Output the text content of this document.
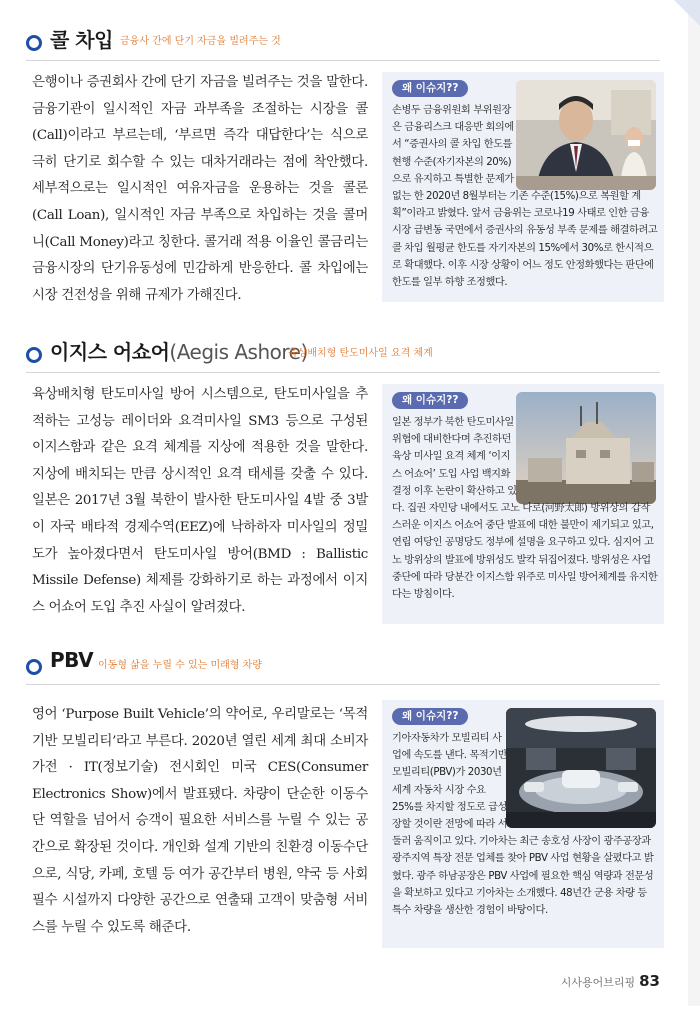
콜 차입 금융사 간에 단기 자금을 빌려주는 것
은행이나 증권회사 간에 단기 자금을 빌려주는 것을 말한다. 금융기관이 일시적인 자금 과부족을 조절하는 시장을 콜(Call)이라고 부르는데, ‘부르면 즉각 대답한다’는 식으로 극히 단기로 회수할 수 있는 대차거래라는 점에 착안했다. 세부적으로는 일시적인 여유자금을 운용하는 것을 콜론(Call Loan), 일시적인 자금 부족으로 차입하는 것을 콜머니(Call Money)라고 칭한다. 콜거래 적용 이율인 콜금리는 금융시장의 단기유동성에 민감하게 반응한다. 콜 차입에는 시장 건전성을 위해 규제가 가해진다.
왜 이슈지??
손병두 금융위원회 부위원장은 금융리스크 대응반 회의에서 “증권사의 콜 차입 한도를 현행 수준(자기자본의 20%)으로 유지하고 특별한 문제가 없는 한 2020년 8월부터는 기존 수준(15%)으로 복원할 계획”이라고 밝혔다. 앞서 금융위는 코로나19 사태로 인한 금융시장 급변동 국면에서 증권사의 유동성 부족 문제를 해결하려고 콜 차입 월평균 한도를 자기자본의 15%에서 30%로 한시적으로 확대했다. 이후 시장 상황이 어느 정도 안정화했다는 판단에 한도를 일부 하향 조정했다.
이지스 어쇼어(Aegis Ashore)
육상배치형 탄도미사일 요격 체계
육상배치형 탄도미사일 방어 시스템으로, 탄도미사일을 추적하는 고성능 레이더와 요격미사일 SM3 등으로 구성된 이지스함과 같은 요격 체계를 지상에 적용한 것을 말한다. 지상에 배치되는 만큼 상시적인 요격 태세를 갖출 수 있다. 일본은 2017년 3월 북한이 발사한 탄도미사일 4발 중 3발이 자국 배타적 경제수역(EEZ)에 낙하하자 미사일의 정밀도가 높아졌다면서 탄도미사일 방어(BMD : Ballistic Missile Defense) 체제를 강화하기로 하는 과정에서 이지스 어쇼어 도입 추진 사실이 알려졌다.
왜 이슈지??
일본 정부가 북한 탄도미사일 위협에 대비한다며 추진하던 육상 미사일 요격 체계 ‘이지스 어쇼어’ 도입 사업 백지화 결정 이후 논란이 확산하고 있다. 집권 자민당 내에서도 고노 다로(河野太郎) 방위상의 갑작스러운 이지스 어쇼어 중단 발표에 대한 불만이 제기되고 있고, 연립 여당인 공명당도 정부에 설명을 요구하고 있다. 심지어 고노 방위상의 발표에 방위성도 발칵 뒤집어졌다. 방위성은 사업 중단에 따라 당분간 이지스함 위주로 미사일 방어체계를 유지한다는 방침이다.
PBV 이동형 삶을 누릴 수 있는 미래형 차량
영어 ‘Purpose Built Vehicle’의 약어로, 우리말로는 ‘목적기반 모빌리티’라고 부른다. 2020년 열린 세계 최대 소비자 가전 · IT(정보기술) 전시회인 미국 CES(Consumer Electronics Show)에서 발표됐다. 차량이 단순한 이동수단 역할을 넘어서 승객이 필요한 서비스를 누릴 수 있는 공간으로 확장된 것이다. 개인화 설계 기반의 친환경 이동수단으로, 식당, 카페, 호텔 등 여가 공간부터 병원, 약국 등 사회 필수 시설까지 다양한 공간으로 연출돼 고객이 맞춤형 서비스를 누릴 수 있도록 해준다.
왜 이슈지??
기아자동차가 모빌리티 사업에 속도를 낸다. 목적기반모빌리티(PBV)가 2030년 세계 자동차 시장 수요 25%를 차지할 정도로 급성장할 것이란 전망에 따라 서둘러 움직이고 있다. 기아차는 최근 송호성 사장이 광주공장과 광주지역 특장 전문 업체를 찾아 PBV 사업 현황을 살폈다고 밝혔다. 광주 하남공장은 PBV 사업에 필요한 핵심 역량과 전문성을 확보하고 있다고 기아차는 소개했다. 48년간 군용 차량 등 특수 차량을 생산한 경험이 바탕이다.
시사용어브리핑 83
